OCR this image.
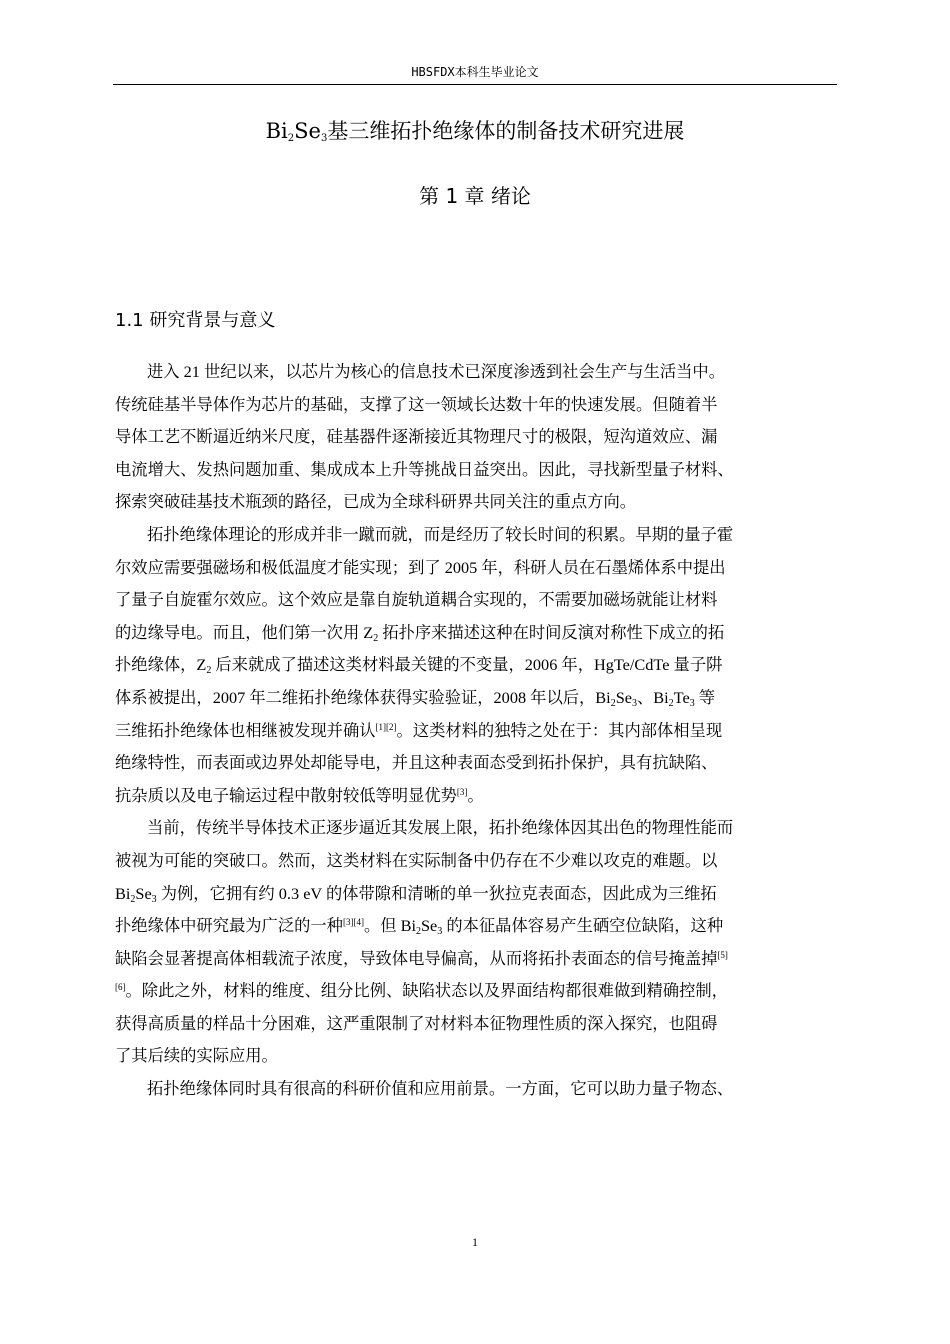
HBSFDX本科生毕业论文
$Bi_2Se_3$基三维拓扑绝缘体的制备技术研究进展
第 1 章 绪论
1.1 研究背景与意义
进入 21 世纪以来，以芯片为核心的信息技术已深度渗透到社会生产与生活当中。
传统硅基半导体作为芯片的基础，支撑了这一领域长达数十年的快速发展。但随着半
导体工艺不断逼近纳米尺度，硅基器件逐渐接近其物理尺寸的极限，短沟道效应、漏
电流增大、发热问题加重、集成成本上升等挑战日益突出。因此，寻找新型量子材料、
探索突破硅基技术瓶颈的路径，已成为全球科研界共同关注的重点方向。
拓扑绝缘体理论的形成并非一蹴而就，而是经历了较长时间的积累。早期的量子霍
尔效应需要强磁场和极低温度才能实现；到了 2005 年，科研人员在石墨烯体系中提出
了量子自旋霍尔效应。这个效应是靠自旋轨道耦合实现的，不需要加磁场就能让材料
的边缘导电。而且，他们第一次用 $Z_2$ 拓扑序来描述这种在时间反演对称性下成立的拓
扑绝缘体，$Z_2$ 后来就成了描述这类材料最关键的不变量，2006 年，HgTe/CdTe 量子阱
体系被提出，2007 年二维拓扑绝缘体获得实验验证，2008 年以后，$Bi_2Se_3$、$Bi_2Te_3$ 等
三维拓扑绝缘体也相继被发现并确认[1][2]。这类材料的独特之处在于：其内部体相呈现
绝缘特性，而表面或边界处却能导电，并且这种表面态受到拓扑保护，具有抗缺陷、
抗杂质以及电子输运过程中散射较低等明显优势[3]。
当前，传统半导体技术正逐步逼近其发展上限，拓扑绝缘体因其出色的物理性能而
被视为可能的突破口。然而，这类材料在实际制备中仍存在不少难以攻克的难题。以
$Bi_2Se_3$ 为例，它拥有约 0.3 eV 的体带隙和清晰的单一狄拉克表面态，因此成为三维拓
扑绝缘体中研究最为广泛的一种[3][4]。但 $Bi_2Se_3$ 的本征晶体容易产生硒空位缺陷，这种
缺陷会显著提高体相载流子浓度，导致体电导偏高，从而将拓扑表面态的信号掩盖掉[5]
[6]。除此之外，材料的维度、组分比例、缺陷状态以及界面结构都很难做到精确控制，
获得高质量的样品十分困难，这严重限制了对材料本征物理性质的深入探究，也阻碍
了其后续的实际应用。
拓扑绝缘体同时具有很高的科研价值和应用前景。一方面，它可以助力量子物态、
1
